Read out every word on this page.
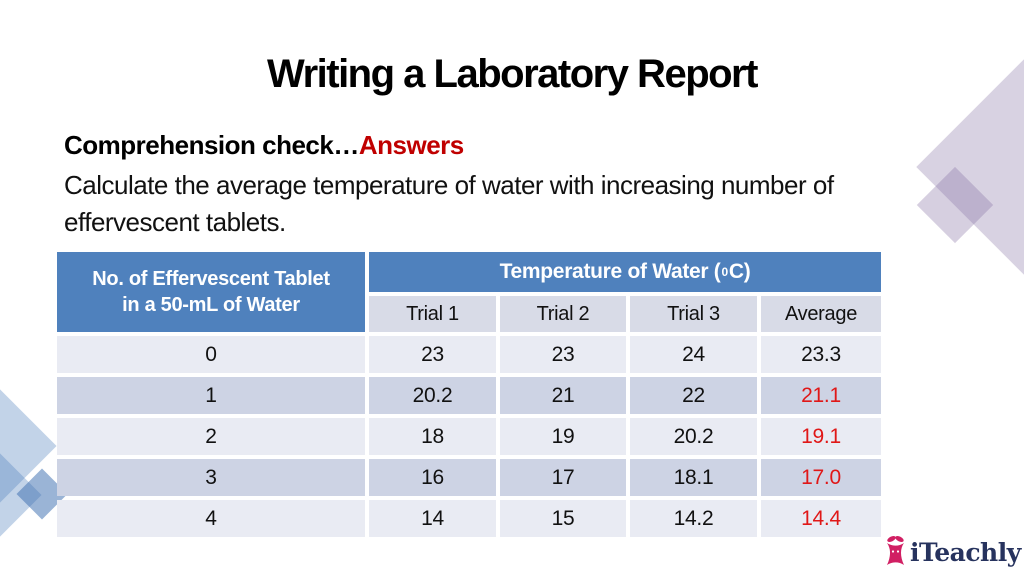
Writing a Laboratory Report
Comprehension check…Answers
Calculate the average temperature of water with increasing number of
effervescent tablets.
No. of Effervescent Tablet
in a 50-mL of Water
Temperature of Water ( 0 C)
Trial 1	Trial 2	Trial 3	Average
0	23	23	24	23.3
1	20.2	21	22	21.1
2	18	19	20.2	19.1
3	16	17	18.1	17.0
4	14	15	14.2	14.4
iTeachly
